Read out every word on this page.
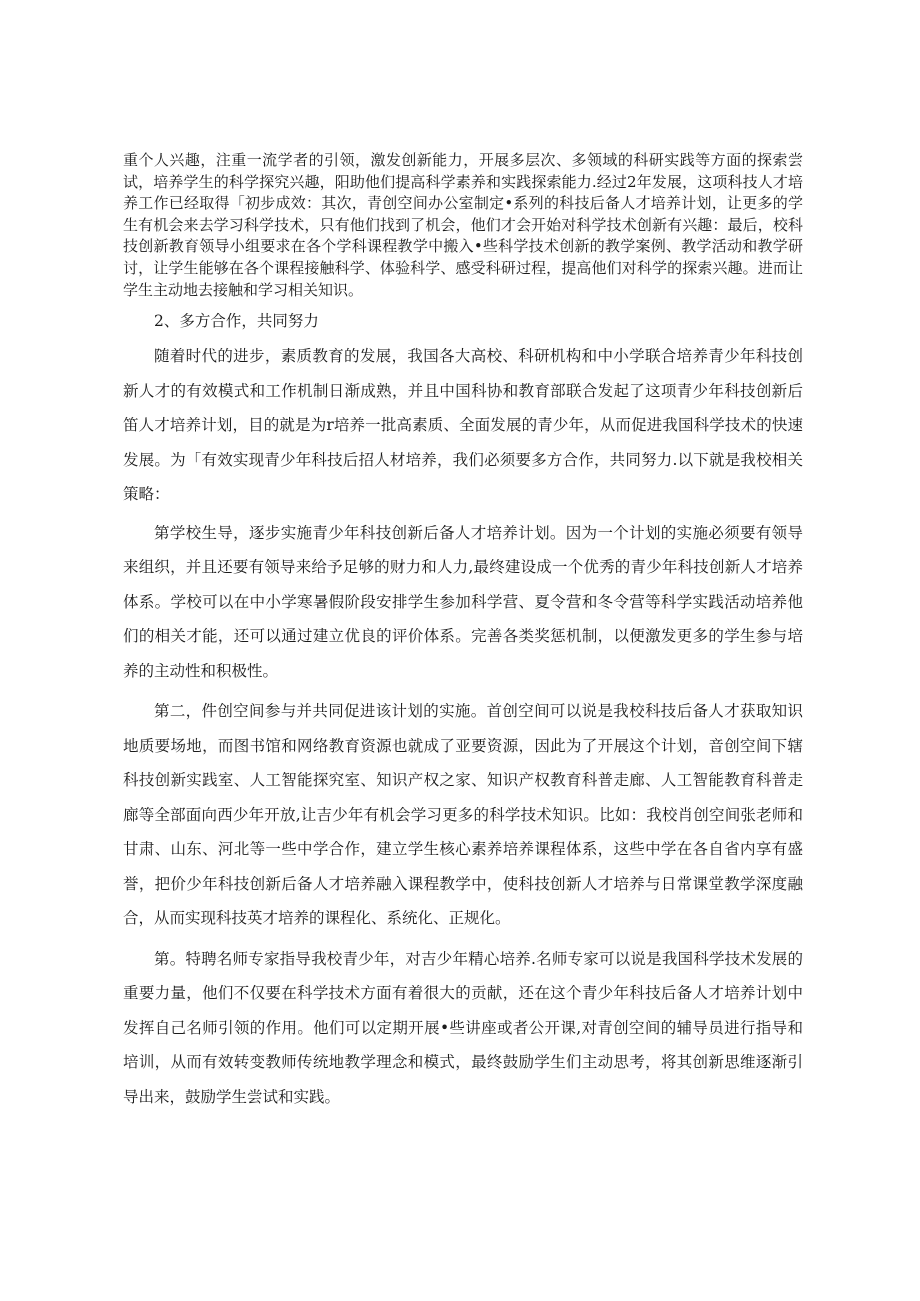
重个人兴趣，注重一流学者的引领，激发创新能力，开展多层次、多领域的科研实践等方面的探索尝试，培养学生的科学探究兴趣，阳助他们提高科学素养和实践探索能力.经过2年发展，这项科技人才培养工作已经取得「初步成效：其次，青创空间办公室制定•系列的科技后备人才培养计划，让更多的学生有机会来去学习科学技术，只有他们找到了机会，他们才会开始对科学技术创新有兴趣：最后，校科技创新教育领导小组要求在各个学科课程教学中搬入•些科学技术创新的教学案例、教学活动和教学研讨，让学生能够在各个课程接触科学、体验科学、感受科研过程，提高他们对科学的探索兴趣。进而让学生主动地去接触和学习相关知识。

2、多方合作，共同努力

随着时代的进步，素质教育的发展，我国各大高校、科研机构和中小学联合培养青少年科技创新人才的有效模式和工作机制日渐成熟，并且中国科协和教育部联合发起了这项青少年科技创新后笛人才培养计划，目的就是为r培养一批高素质、全面发展的青少年，从而促进我国科学技术的快速发展。为「有效实现青少年科技后招人材培养，我们必须要多方合作，共同努力.以下就是我校相关策略：

第学校生导，逐步实施青少年科技创新后备人才培养计划。因为一个计划的实施必须要有领导来组织，并且还要有领导来给予足够的财力和人力,最终建设成一个优秀的青少年科技创新人才培养体系。学校可以在中小学寒暑假阶段安排学生参加科学营、夏令营和冬令营等科学实践活动培养他们的相关才能，还可以通过建立优良的评价体系。完善各类奖惩机制，以便激发更多的学生参与培养的主动性和积极性。

第二，件创空间参与并共同促进该计划的实施。首创空间可以说是我校科技后备人才获取知识地质要场地，而图书馆和网络教育资源也就成了亚要资源，因此为了开展这个计划，音创空间下辖科技创新实践室、人工智能探究室、知识产权之家、知识产权教育科普走廊、人工智能教育科普走廊等全部面向西少年开放,让吉少年有机会学习更多的科学技术知识。比如：我校肖创空间张老师和甘肃、山东、河北等一些中学合作，建立学生核心素养培养课程体系，这些中学在各自省内享有盛誉，把价少年科技创新后备人才培养融入课程教学中，使科技创新人才培养与日常课堂教学深度融合，从而实现科技英才培养的课程化、系统化、正规化。

第。特聘名师专家指导我校青少年，对吉少年精心培养.名师专家可以说是我国科学技术发展的重要力量，他们不仅要在科学技术方面有着很大的贡献，还在这个青少年科技后备人才培养计划中发挥自己名师引领的作用。他们可以定期开展•些讲座或者公开课,对青创空间的辅导员进行指导和培训，从而有效转变教师传统地教学理念和模式，最终鼓励学生们主动思考，将其创新思维逐渐引导出来，鼓励学生尝试和实践。
